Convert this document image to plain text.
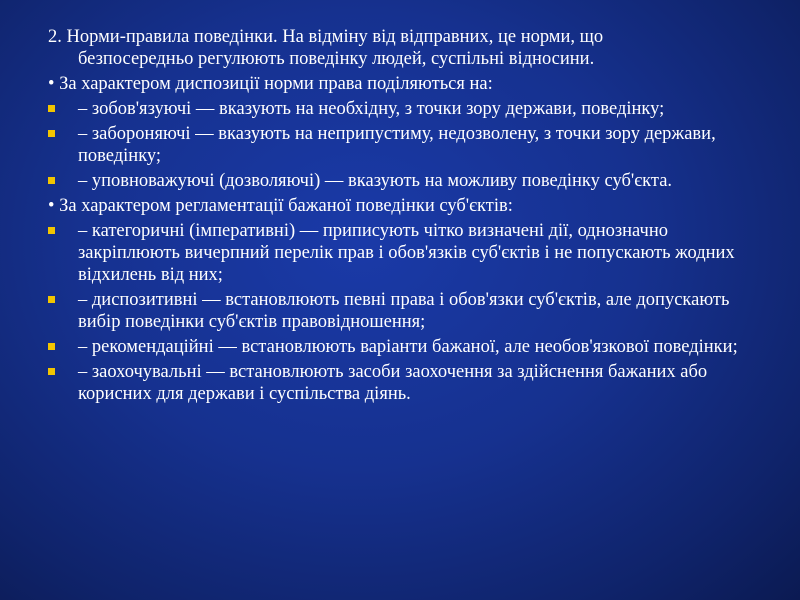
2. Норми-правила поведінки. На відміну від відправних, це норми, що
безпосередньо регулюють поведінку людей, суспільні відносини.

• За характером диспозиції норми права поділяються на:

– зобов'язуючі — вказують на необхідну, з точки зору держави, поведінку;
– забороняючі — вказують на неприпустиму, недозволену, з точки зору держави, поведінку;
– уповноважуючі (дозволяючі) — вказують на можливу поведінку суб'єкта.

• За характером регламентації бажаної поведінки суб'єктів:

– категоричні (імперативні) — приписують чітко визначені дії, однозначно закріплюють вичерпний перелік прав і обов'язків суб'єктів і не попускають жодних відхилень від них;
– диспозитивні — встановлюють певні права і обов'язки суб'єктів, але допускають вибір поведінки суб'єктів правовідношення;
– рекомендаційні — встановлюють варіанти бажаної, але необов'язкової поведінки;
– заохочувальні — встановлюють засоби заохочення за здійснення бажаних або корисних для держави і суспільства діянь.
